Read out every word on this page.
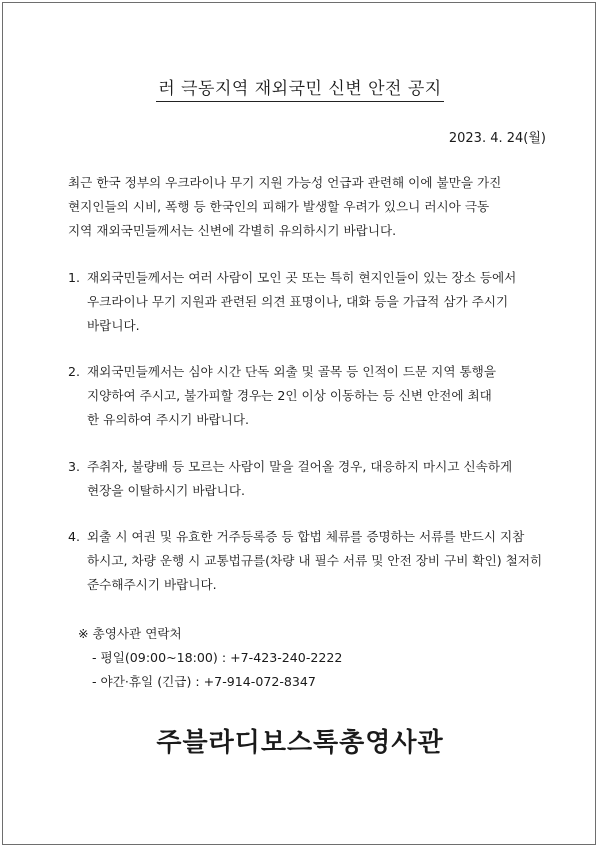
러 극동지역 재외국민 신변 안전 공지
2023. 4. 24(월)
최근 한국 정부의 우크라이나 무기 지원 가능성 언급과 관련해 이에 불만을 가진
현지인들의 시비, 폭행 등 한국인의 피해가 발생할 우려가 있으니 러시아 극동
지역 재외국민들께서는 신변에 각별히 유의하시기 바랍니다.
1. 재외국민들께서는 여러 사람이 모인 곳 또는 특히 현지인들이 있는 장소 등에서
우크라이나 무기 지원과 관련된 의견 표명이나, 대화 등을 가급적 삼가 주시기
바랍니다.
2. 재외국민들께서는 심야 시간 단독 외출 및 골목 등 인적이 드문 지역 통행을
지양하여 주시고, 불가피할 경우는 2인 이상 이동하는 등 신변 안전에 최대
한 유의하여 주시기 바랍니다.
3. 주취자, 불량배 등 모르는 사람이 말을 걸어올 경우, 대응하지 마시고 신속하게
현장을 이탈하시기 바랍니다.
4. 외출 시 여권 및 유효한 거주등록증 등 합법 체류를 증명하는 서류를 반드시 지참
하시고, 차량 운행 시 교통법규를(차량 내 필수 서류 및 안전 장비 구비 확인) 철저히
준수해주시기 바랍니다.
※ 총영사관 연락처
- 평일(09:00~18:00) : +7-423-240-2222
- 야간·휴일 (긴급) : +7-914-072-8347
주블라디보스톡총영사관
